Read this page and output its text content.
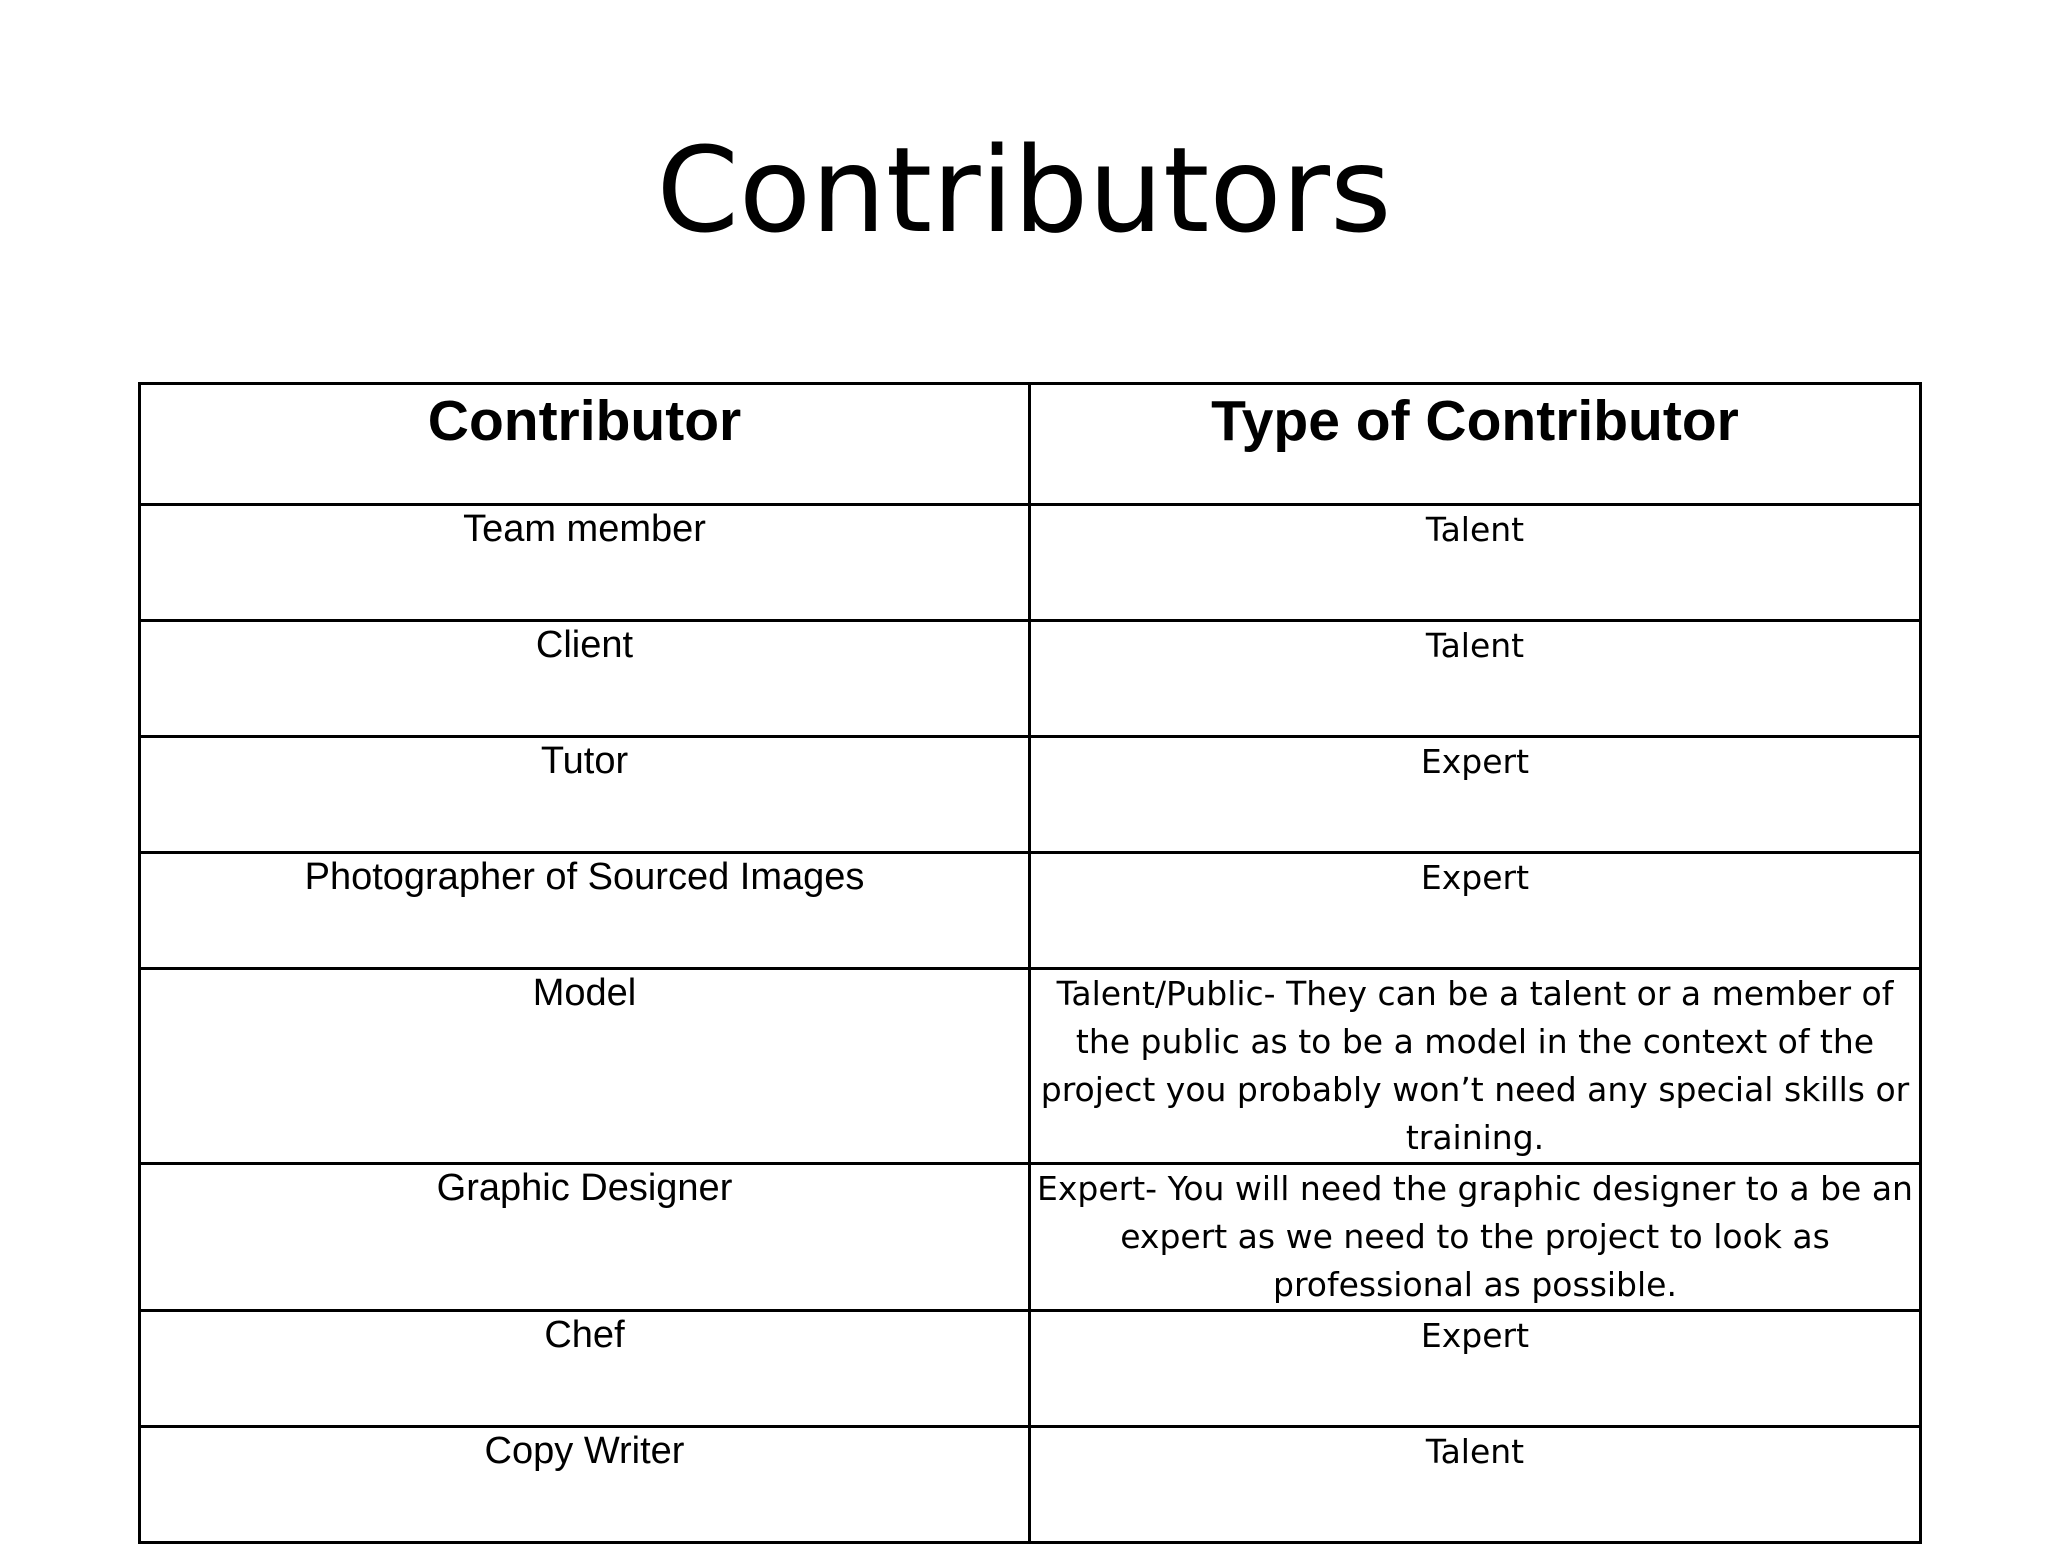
Contributors
Contributor	Type of Contributor
Team member	Talent
Client	Talent
Tutor	Expert
Photographer of Sourced Images	Expert
Model	Talent/Public- They can be a talent or a member of the public as to be a model in the context of the project you probably won’t need any special skills or training.
Graphic Designer	Expert- You will need the graphic designer to a be an expert as we need to the project to look as professional as possible.
Chef	Expert
Copy Writer	Talent
